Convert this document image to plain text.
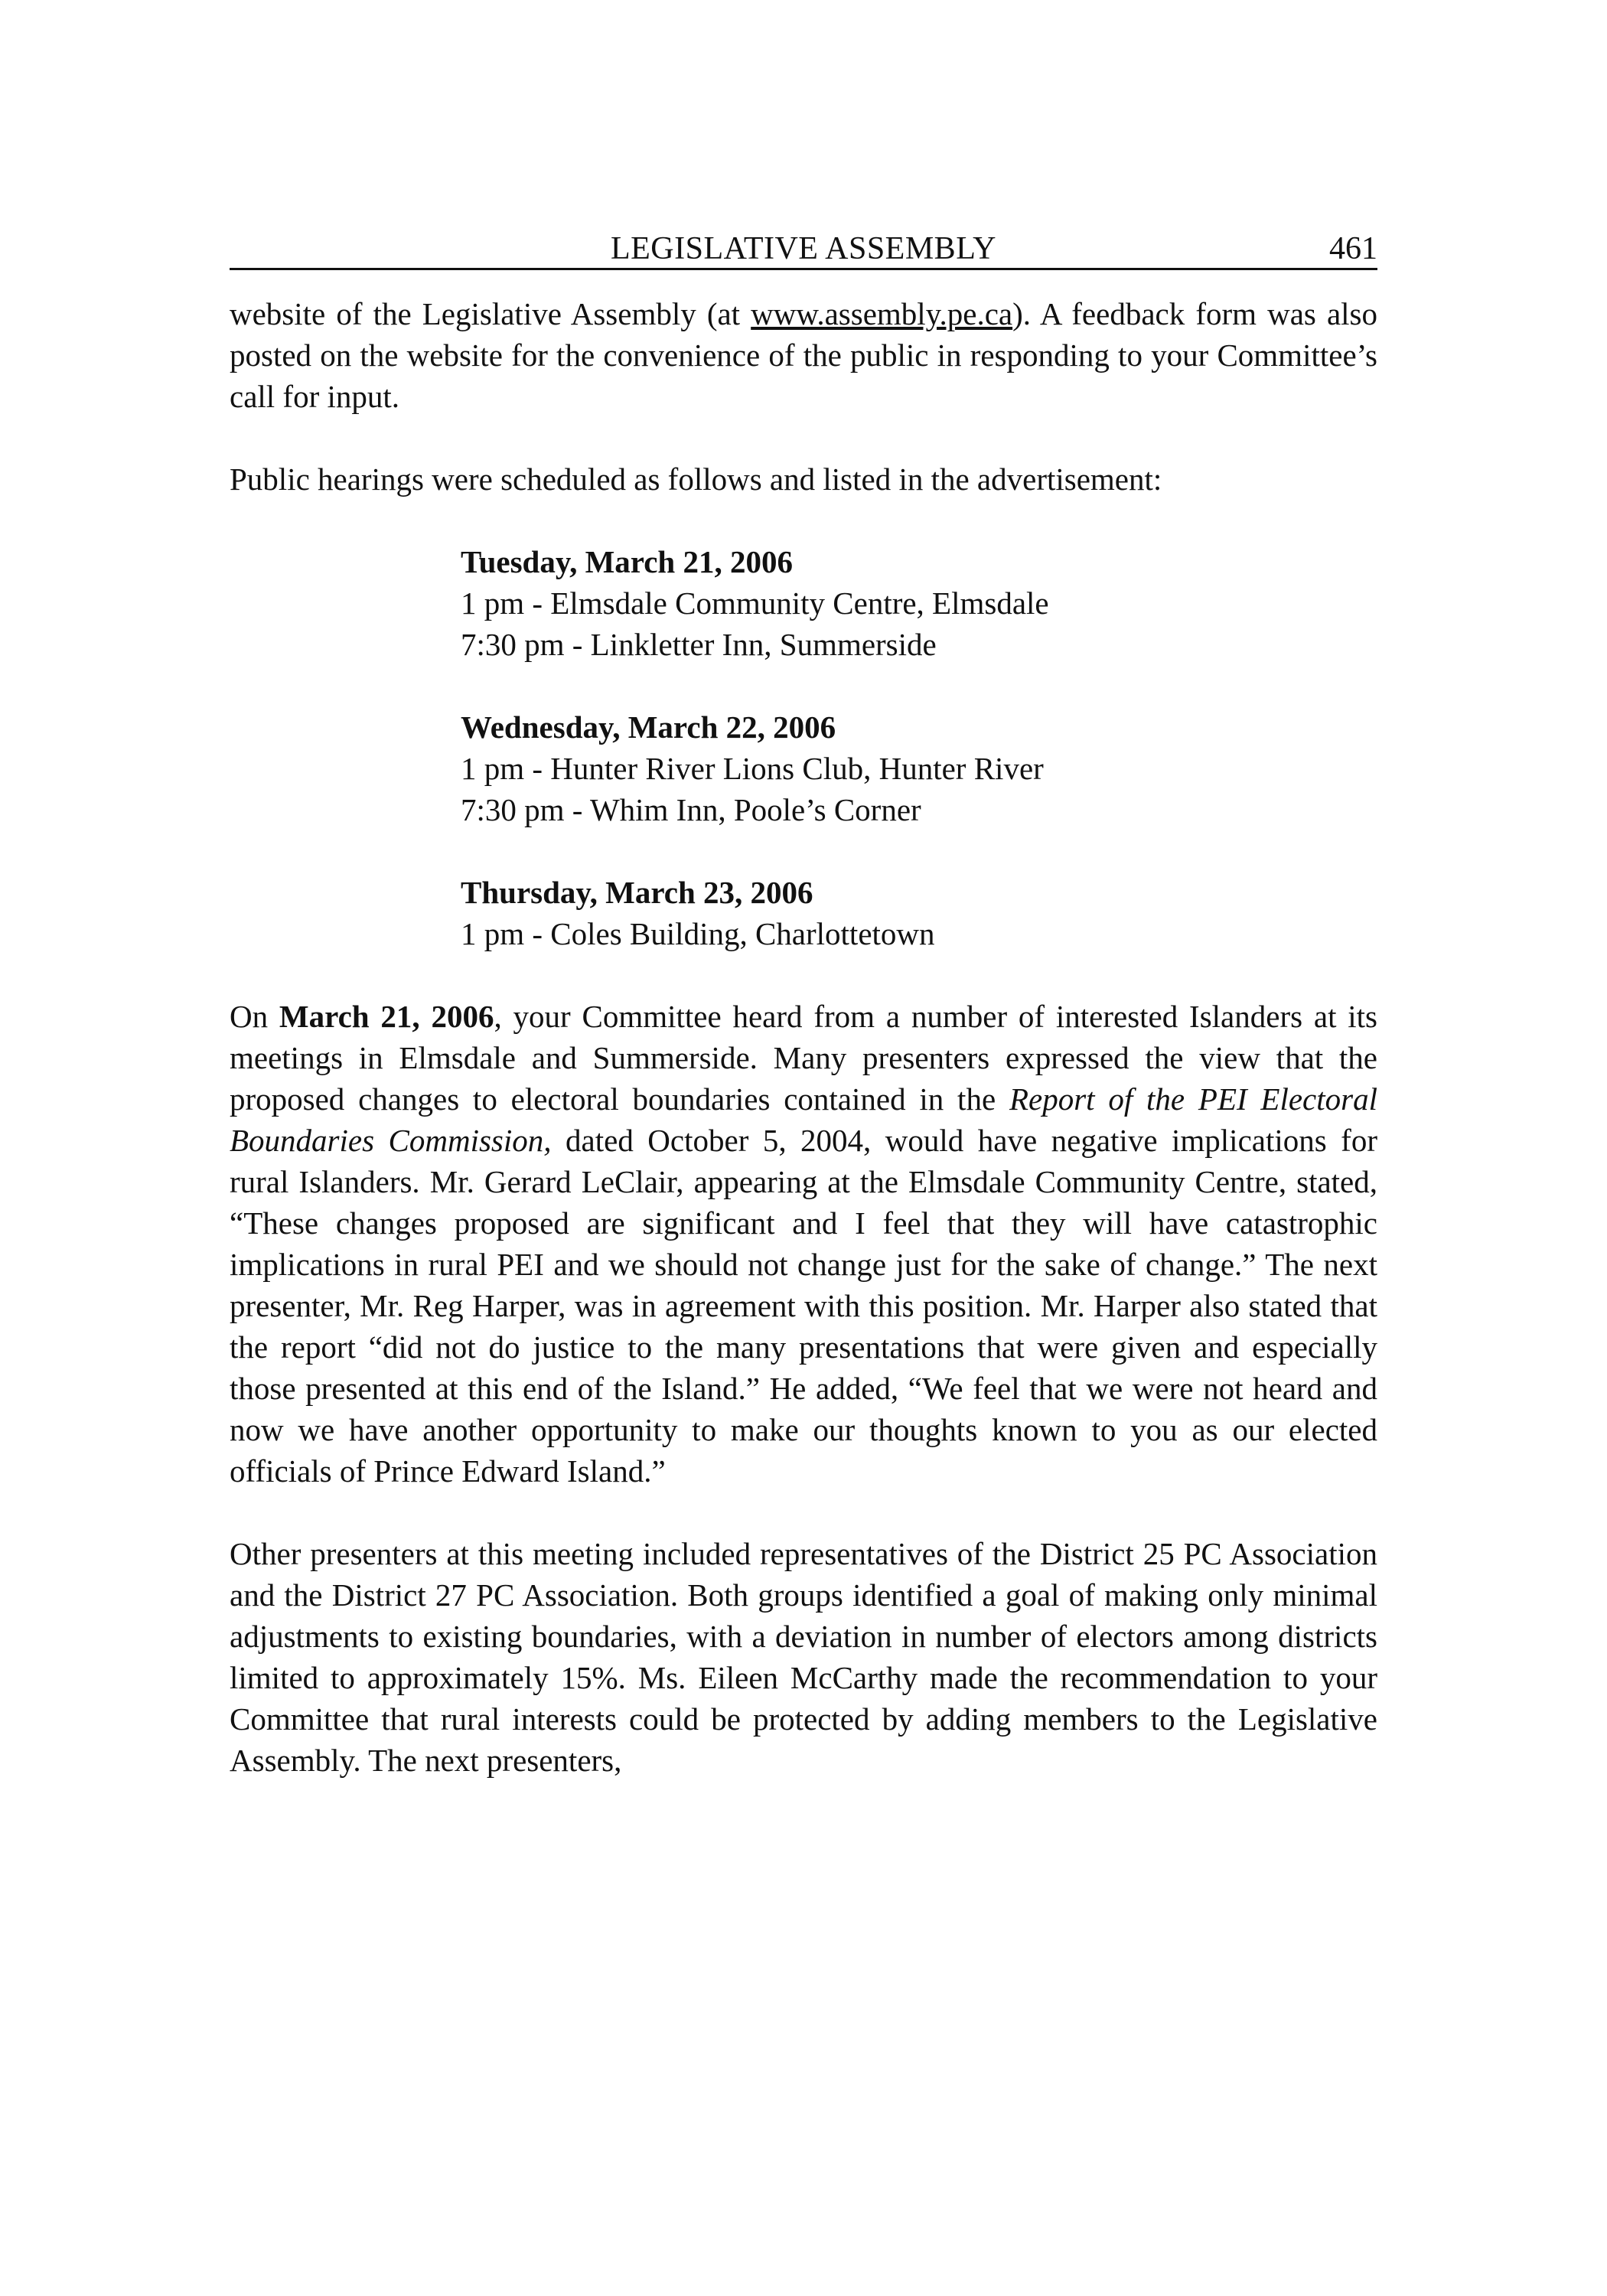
LEGISLATIVE ASSEMBLY	461

website of the Legislative Assembly (at www.assembly.pe.ca). A feedback form was also posted on the website for the convenience of the public in responding to your Committee’s call for input.

Public hearings were scheduled as follows and listed in the advertisement:

Tuesday, March 21, 2006
1 pm - Elmsdale Community Centre, Elmsdale
7:30 pm - Linkletter Inn, Summerside
Wednesday, March 22, 2006
1 pm - Hunter River Lions Club, Hunter River
7:30 pm - Whim Inn, Poole’s Corner
Thursday, March 23, 2006
1 pm - Coles Building, Charlottetown

On March 21, 2006, your Committee heard from a number of interested Islanders at its meetings in Elmsdale and Summerside. Many presenters expressed the view that the proposed changes to electoral boundaries contained in the Report of the PEI Electoral Boundaries Commission, dated October 5, 2004, would have negative implications for rural Islanders. Mr. Gerard LeClair, appearing at the Elmsdale Community Centre, stated, “These changes proposed are significant and I feel that they will have catastrophic implications in rural PEI and we should not change just for the sake of change.” The next presenter, Mr. Reg Harper, was in agreement with this position. Mr. Harper also stated that the report “did not do justice to the many presentations that were given and especially those presented at this end of the Island.” He added, “We feel that we were not heard and now we have another opportunity to make our thoughts known to you as our elected officials of Prince Edward Island.”

Other presenters at this meeting included representatives of the District 25 PC Association and the District 27 PC Association. Both groups identified a goal of making only minimal adjustments to existing boundaries, with a deviation in number of electors among districts limited to approximately 15%. Ms. Eileen McCarthy made the recommendation to your Committee that rural interests could be protected by adding members to the Legislative Assembly. The next presenters,
